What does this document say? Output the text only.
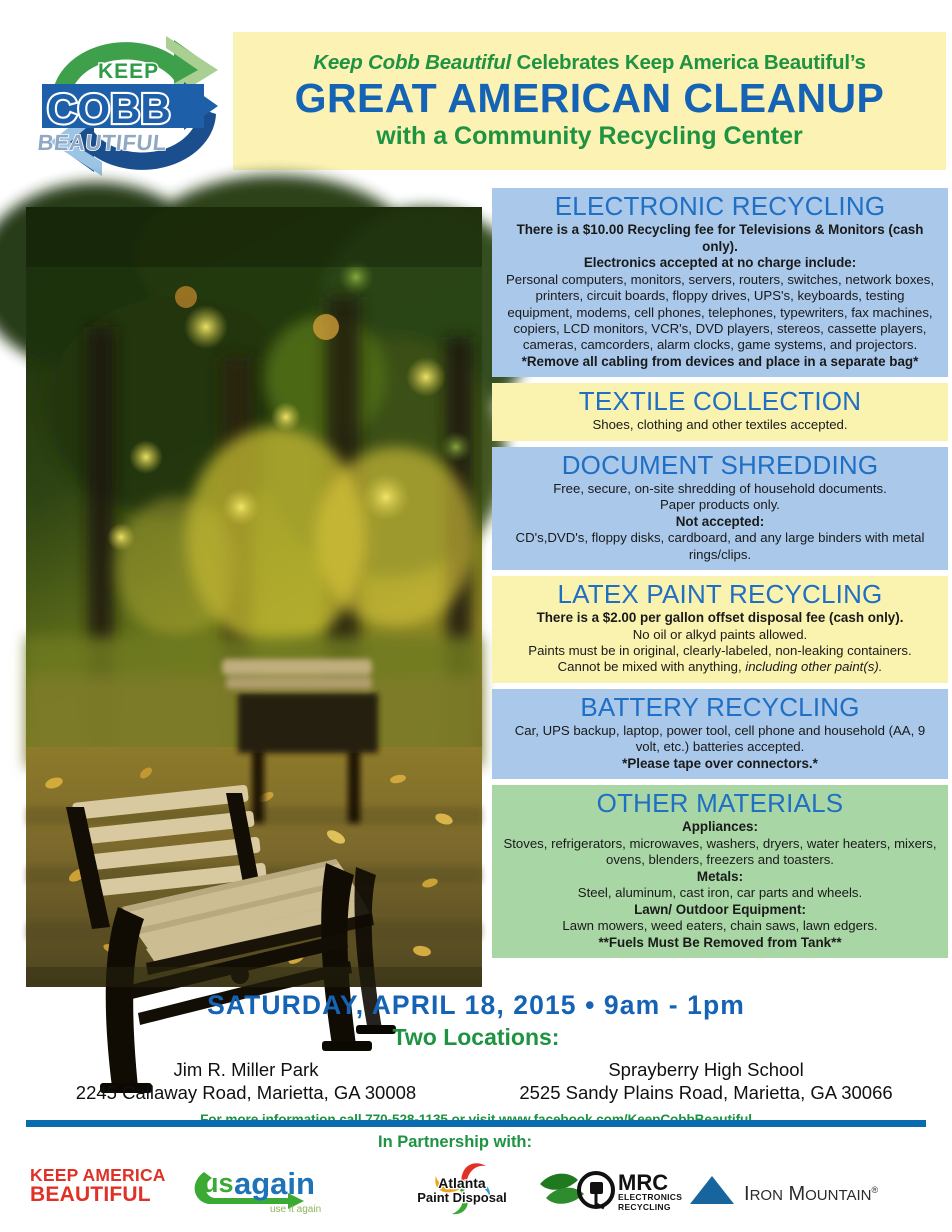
KEEP
COBB
BEAUTIFUL
Keep Cobb Beautiful Celebrates Keep America Beautiful’s
GREAT AMERICAN CLEANUP
with a Community Recycling Center
ELECTRONIC RECYCLING

There is a $10.00 Recycling fee for Televisions & Monitors (cash only).

Electronics accepted at no charge include:

Personal computers, monitors, servers, routers, switches, network boxes, printers, circuit boards, floppy drives, UPS's, keyboards, testing equipment, modems, cell phones, telephones, typewriters, fax machines, copiers, LCD monitors, VCR's, DVD players, stereos, cassette players, cameras, camcorders, alarm clocks, game systems, and projectors.

*Remove all cabling from devices and place in a separate bag*

TEXTILE COLLECTION

Shoes, clothing and other textiles accepted.

DOCUMENT SHREDDING

Free, secure, on-site shredding of household documents.

Paper products only.

Not accepted:

CD's,DVD's, floppy disks, cardboard, and any large binders with metal rings/clips.

LATEX PAINT RECYCLING

There is a $2.00 per gallon offset disposal fee (cash only).

No oil or alkyd paints allowed.

Paints must be in original, clearly-labeled, non-leaking containers.

Cannot be mixed with anything, including other paint(s).

BATTERY RECYCLING

Car, UPS backup, laptop, power tool, cell phone and household (AA, 9 volt, etc.) batteries accepted.

*Please tape over connectors.*

OTHER MATERIALS

Appliances:

Stoves, refrigerators, microwaves, washers, dryers, water heaters, mixers, ovens, blenders, freezers and toasters.

Metals:

Steel, aluminum, cast iron, car parts and wheels.

Lawn/ Outdoor Equipment:

Lawn mowers, weed eaters, chain saws, lawn edgers.

**Fuels Must Be Removed from Tank**

SATURDAY, APRIL 18, 2015 • 9am - 1pm
Two Locations:
Jim R. Miller Park
2245 Callaway Road, Marietta, GA 30008
Sprayberry High School
2525 Sandy Plains Road, Marietta, GA 30066
In Partnership with:
KEEP AMERICA
BEAUTIFUL	us again
use it again
Atlanta
Paint Disposal
MRC
ELECTRONICS
RECYCLING
IRON MOUNTAIN®
